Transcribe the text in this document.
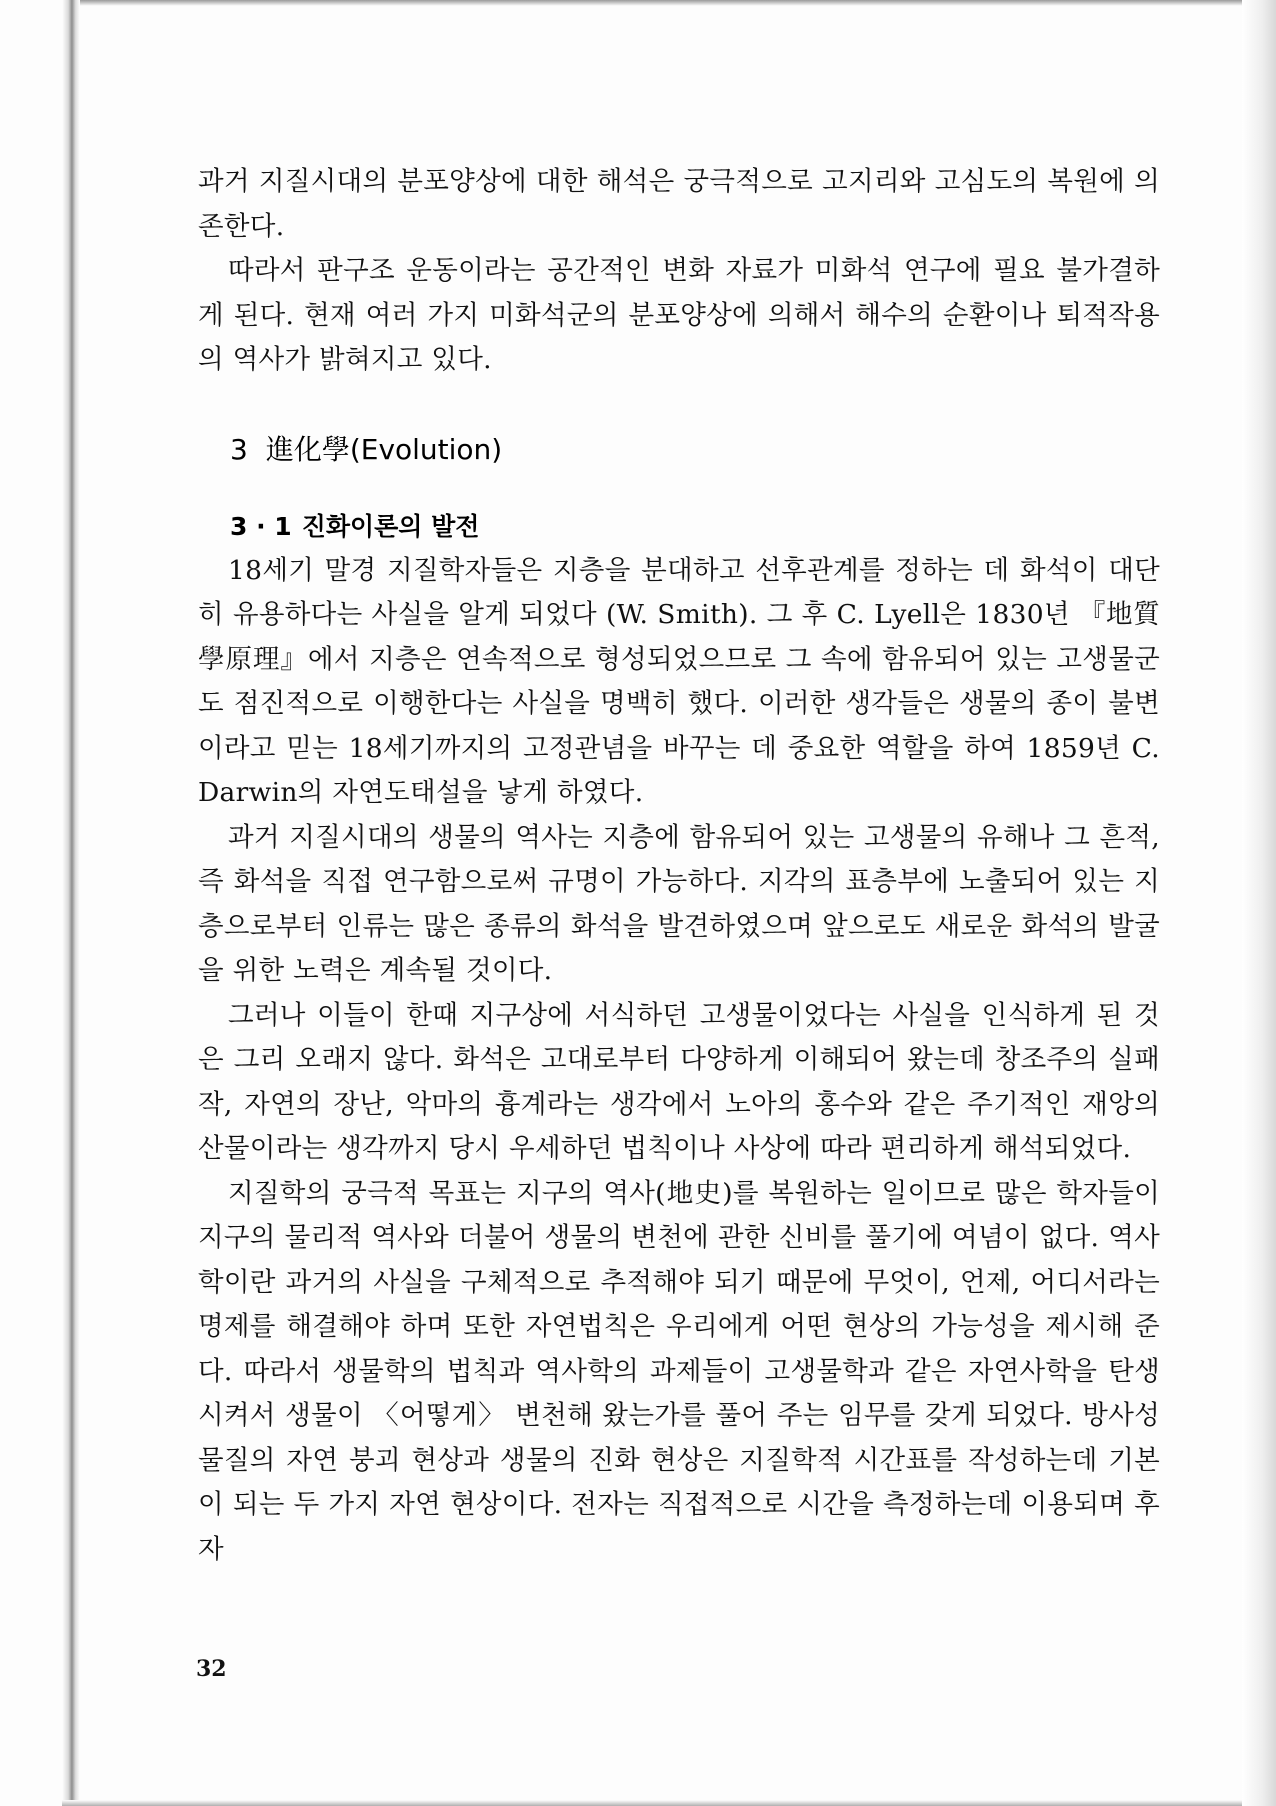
과거 지질시대의 분포양상에 대한 해석은 궁극적으로 고지리와 고심도의 복원에 의존한다.

따라서 판구조 운동이라는 공간적인 변화 자료가 미화석 연구에 필요 불가결하게 된다. 현재 여러 가지 미화석군의 분포양상에 의해서 해수의 순환이나 퇴적작용의 역사가 밝혀지고 있다.

3 進化學(Evolution)
3 · 1 진화이론의 발전

18세기 말경 지질학자들은 지층을 분대하고 선후관계를 정하는 데 화석이 대단히 유용하다는 사실을 알게 되었다 (W. Smith). 그 후 C. Lyell은 1830년 『地質學原理』에서 지층은 연속적으로 형성되었으므로 그 속에 함유되어 있는 고생물군도 점진적으로 이행한다는 사실을 명백히 했다. 이러한 생각들은 생물의 종이 불변이라고 믿는 18세기까지의 고정관념을 바꾸는 데 중요한 역할을 하여 1859년 C. Darwin의 자연도태설을 낳게 하였다.

과거 지질시대의 생물의 역사는 지층에 함유되어 있는 고생물의 유해나 그 흔적, 즉 화석을 직접 연구함으로써 규명이 가능하다. 지각의 표층부에 노출되어 있는 지층으로부터 인류는 많은 종류의 화석을 발견하였으며 앞으로도 새로운 화석의 발굴을 위한 노력은 계속될 것이다.

그러나 이들이 한때 지구상에 서식하던 고생물이었다는 사실을 인식하게 된 것은 그리 오래지 않다. 화석은 고대로부터 다양하게 이해되어 왔는데 창조주의 실패작, 자연의 장난, 악마의 흉계라는 생각에서 노아의 홍수와 같은 주기적인 재앙의 산물이라는 생각까지 당시 우세하던 법칙이나 사상에 따라 편리하게 해석되었다.

지질학의 궁극적 목표는 지구의 역사(地史)를 복원하는 일이므로 많은 학자들이 지구의 물리적 역사와 더불어 생물의 변천에 관한 신비를 풀기에 여념이 없다. 역사학이란 과거의 사실을 구체적으로 추적해야 되기 때문에 무엇이, 언제, 어디서라는 명제를 해결해야 하며 또한 자연법칙은 우리에게 어떤 현상의 가능성을 제시해 준다. 따라서 생물학의 법칙과 역사학의 과제들이 고생물학과 같은 자연사학을 탄생시켜서 생물이 〈어떻게〉 변천해 왔는가를 풀어 주는 임무를 갖게 되었다. 방사성 물질의 자연 붕괴 현상과 생물의 진화 현상은 지질학적 시간표를 작성하는데 기본이 되는 두 가지 자연 현상이다. 전자는 직접적으로 시간을 측정하는데 이용되며 후자

32
